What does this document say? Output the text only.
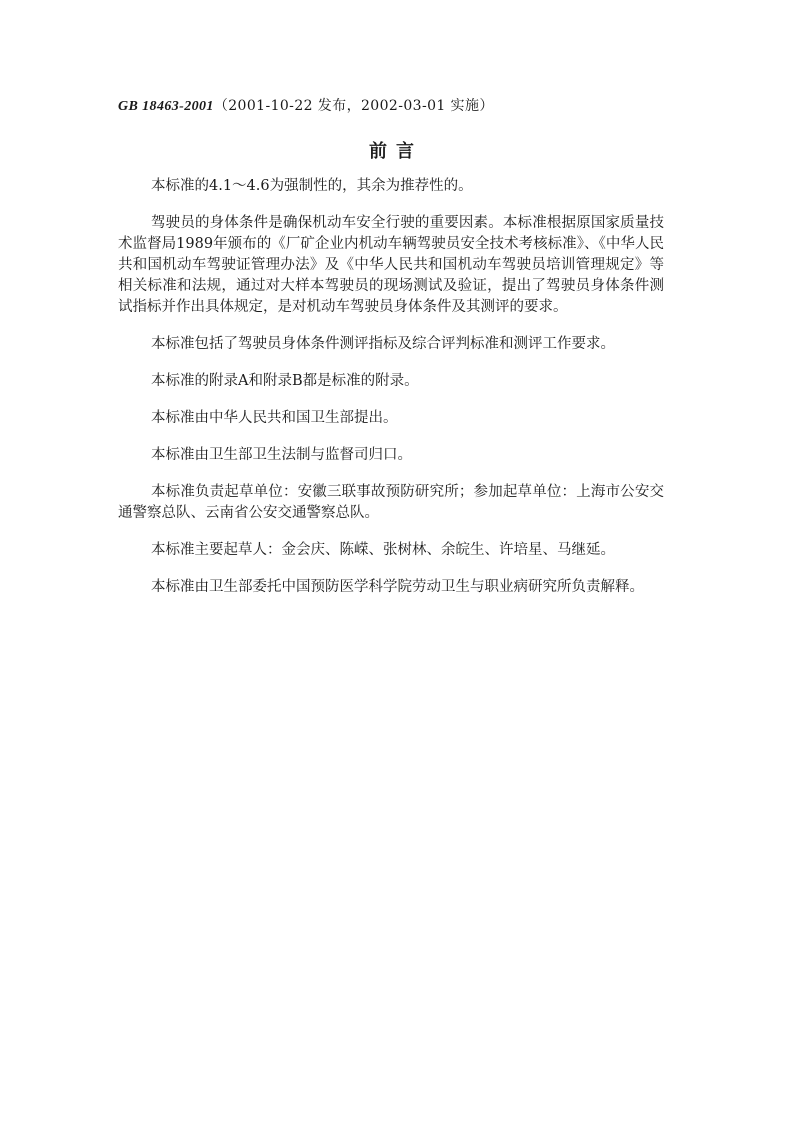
GB 18463-2001（2001-10-22 发布，2002-03-01 实施）
前言

本标准的4.1～4.6为强制性的，其余为推荐性的。

驾驶员的身体条件是确保机动车安全行驶的重要因素。本标准根据原国家质量技术监督局1989年颁布的《厂矿企业内机动车辆驾驶员安全技术考核标准》、《中华人民共和国机动车驾驶证管理办法》及《中华人民共和国机动车驾驶员培训管理规定》等相关标准和法规，通过对大样本驾驶员的现场测试及验证，提出了驾驶员身体条件测试指标并作出具体规定，是对机动车驾驶员身体条件及其测评的要求。

本标准包括了驾驶员身体条件测评指标及综合评判标准和测评工作要求。

本标准的附录A和附录B都是标准的附录。

本标准由中华人民共和国卫生部提出。

本标准由卫生部卫生法制与监督司归口。

本标准负责起草单位：安徽三联事故预防研究所；参加起草单位：上海市公安交通警察总队、云南省公安交通警察总队。

本标准主要起草人：金会庆、陈嵘、张树林、余皖生、许培星、马继延。

本标准由卫生部委托中国预防医学科学院劳动卫生与职业病研究所负责解释。
